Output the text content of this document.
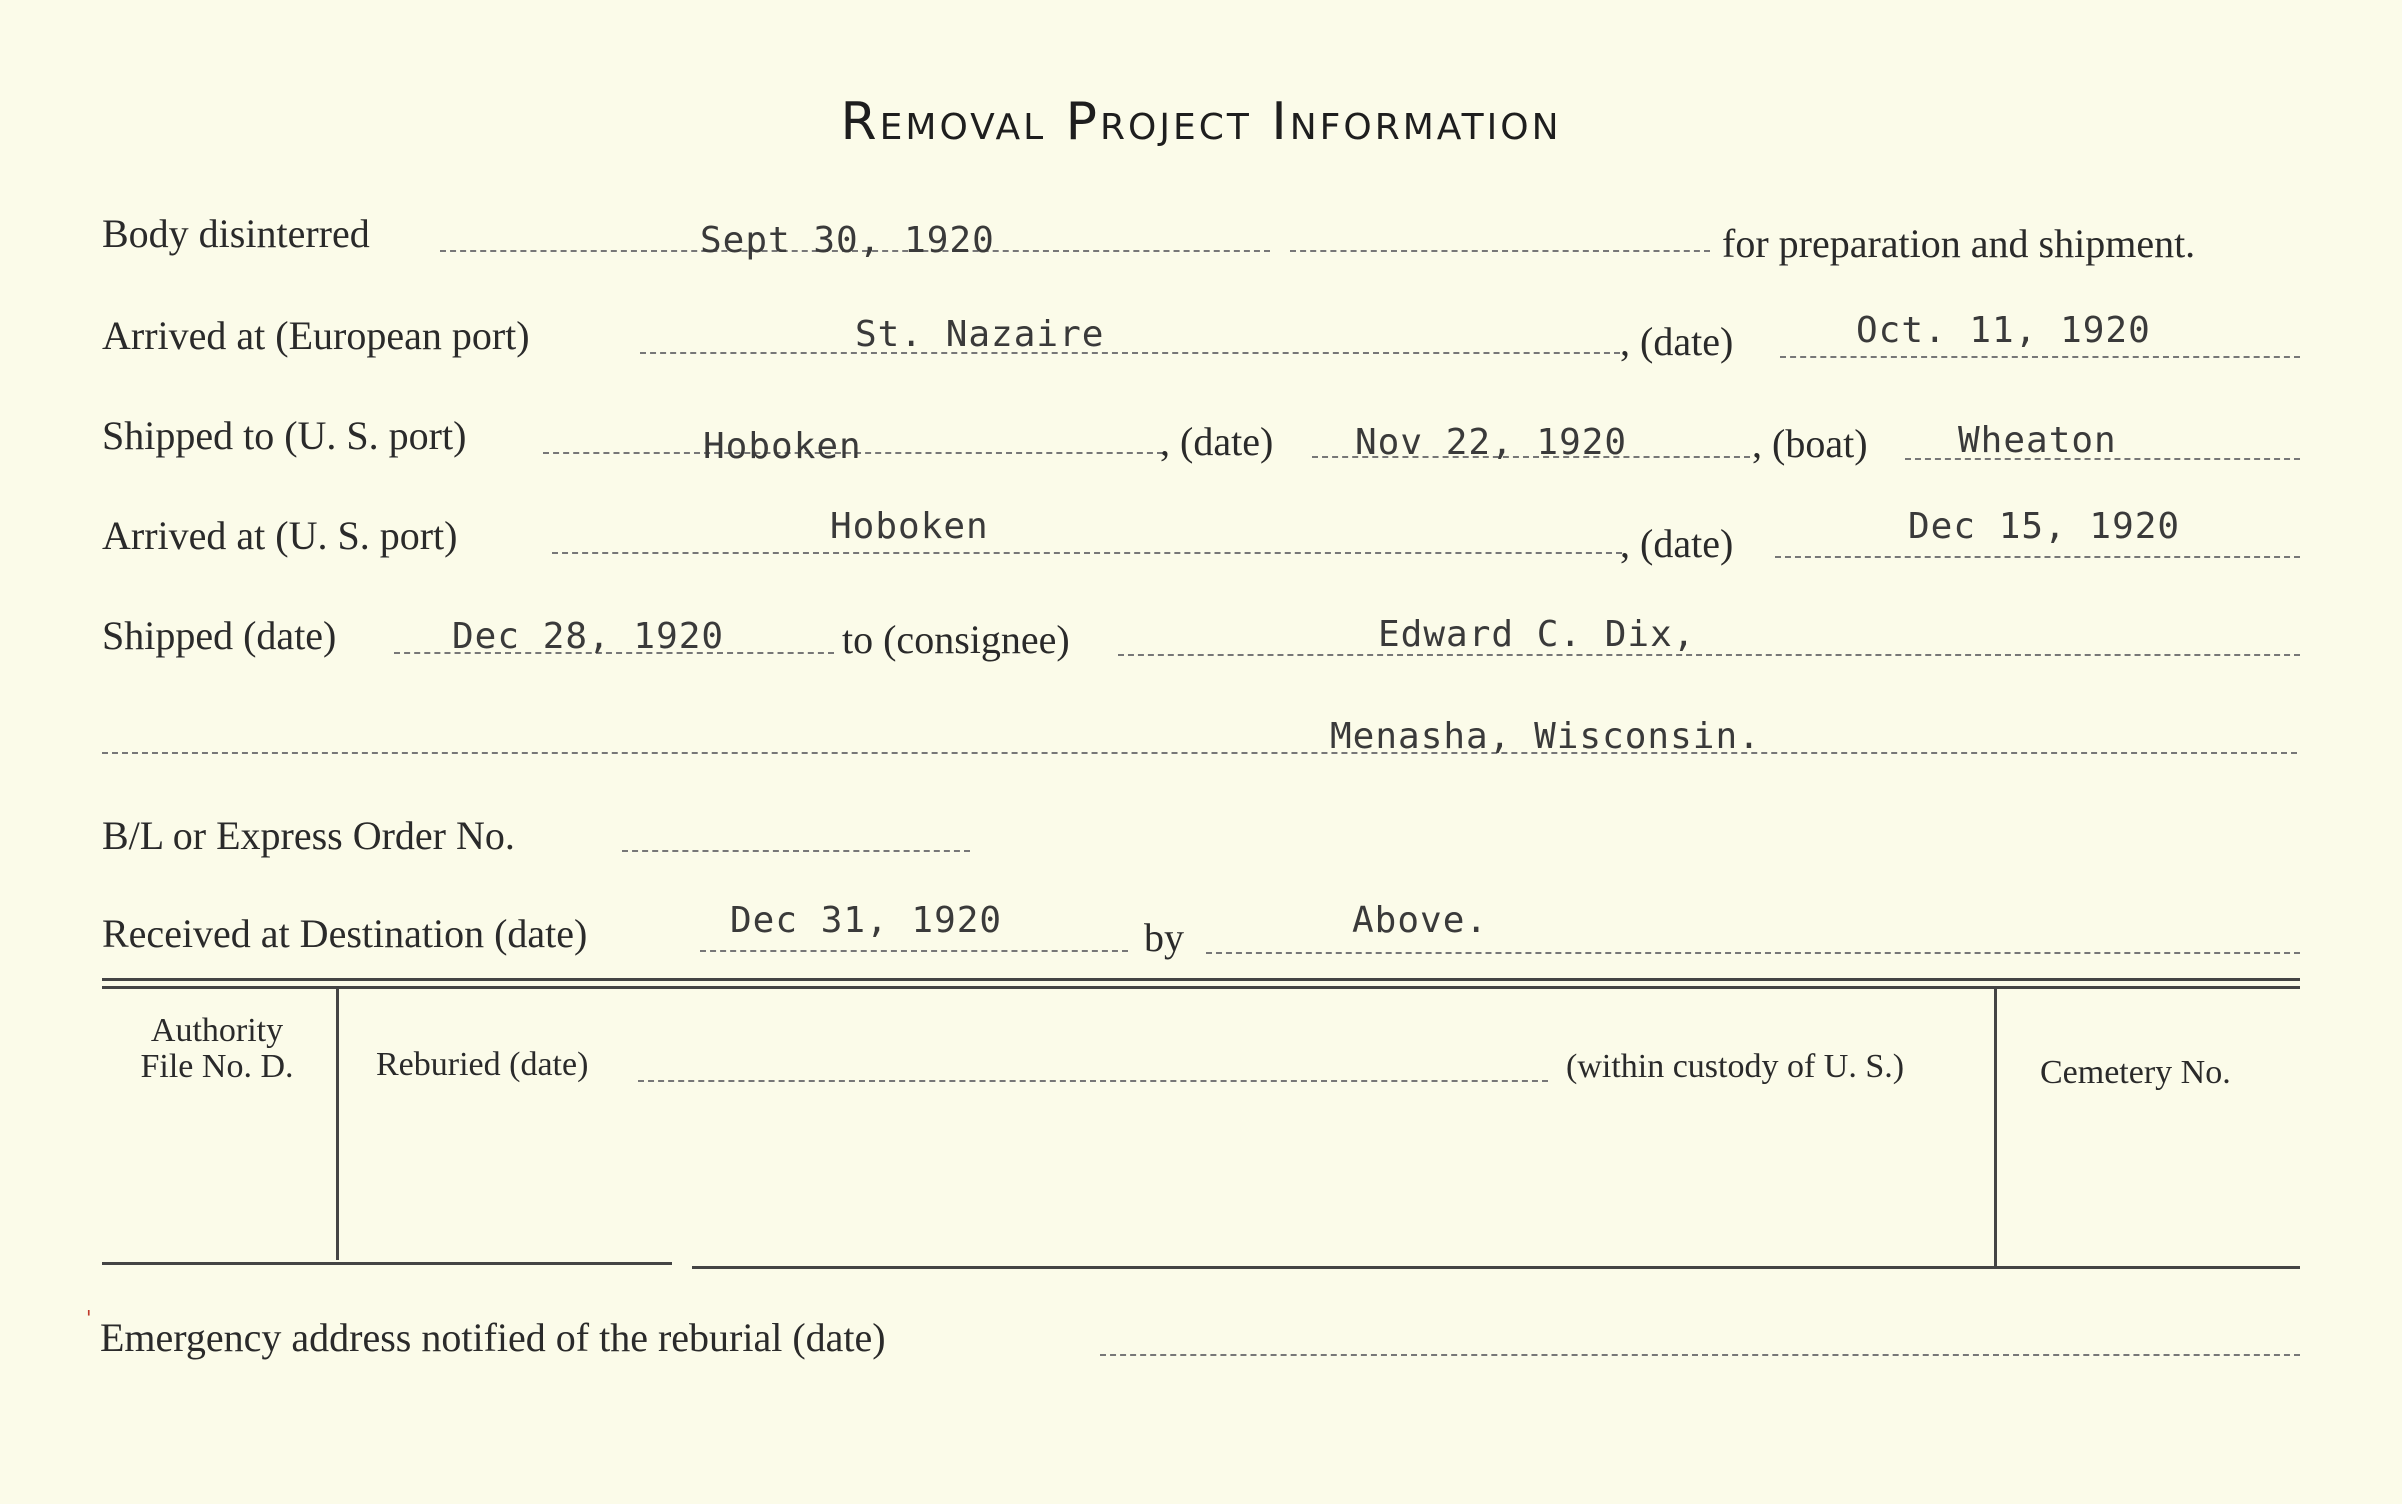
Removal Project Information
Body disinterred	Sept 30, 1920	for preparation and shipment.
Arrived at (European port)	St. Nazaire	, (date)	Oct. 11, 1920
Shipped to (U. S. port)	Hoboken	, (date) Nov 22, 1920	, (boat)	Wheaton
Arrived at (U. S. port)	Hoboken	, (date)	Dec 15, 1920
Shipped (date)	Dec 28, 1920	to (consignee)	Edward C. Dix,
Menasha, Wisconsin.
B/L or Express Order No.
Received at Destination (date)	Dec 31, 1920	by	Above.
Authority
File No. D.	Reburied (date)	(within custody of U. S.)	Cemetery No.
' Emergency address notified of the reburial (date)
